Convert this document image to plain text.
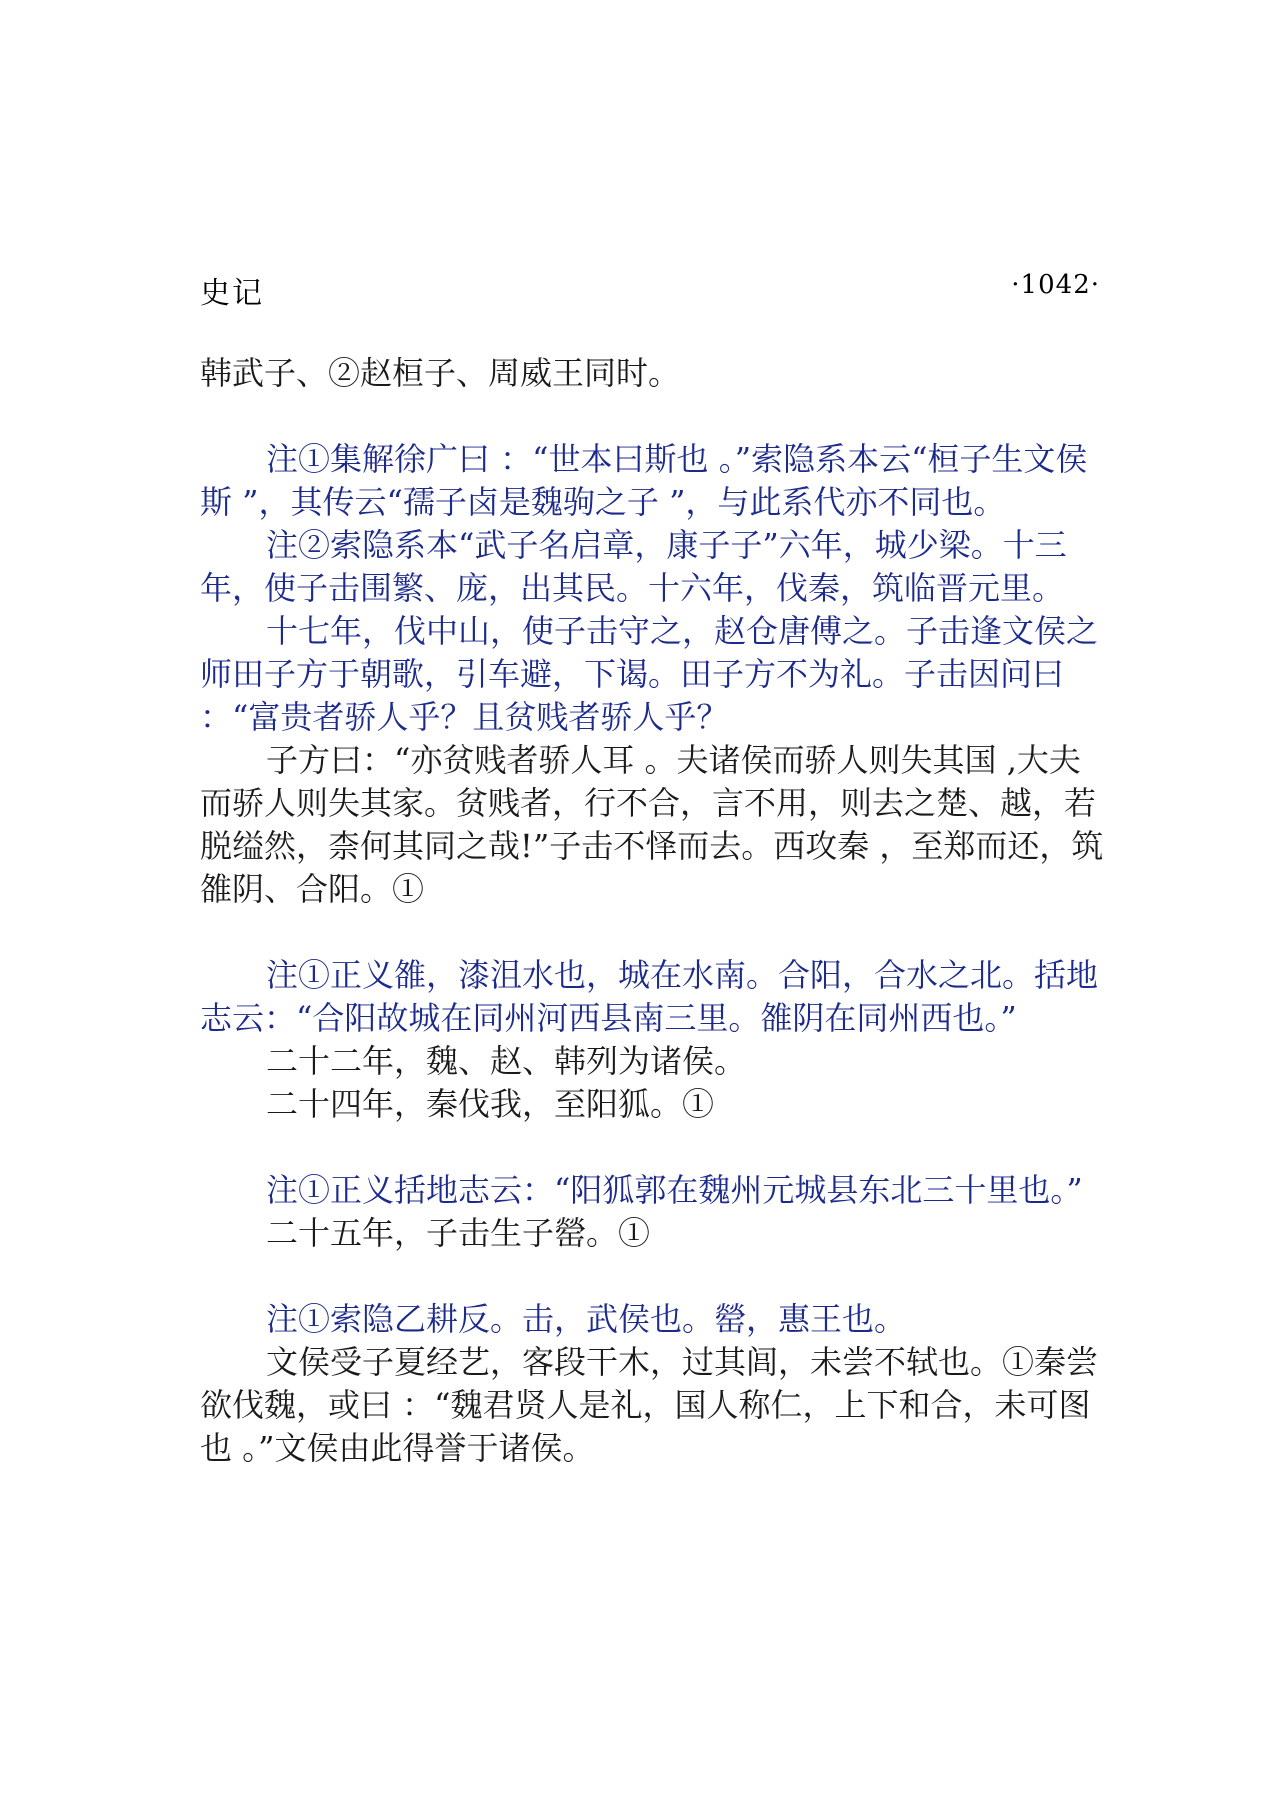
史记	·1042·

韩武子、②赵桓子、周威王同时。

注①集解徐广曰 ：“世本曰斯也 。”索隐系本云“桓子生文侯斯 ”，其传云“孺子卤是魏驹之子 ”，与此系代亦不同也。

注②索隐系本“武子名启章，康子子”六年，城少梁。十三年，使子击围繁、庞，出其民。十六年，伐秦，筑临晋元里。

十七年，伐中山，使子击守之，赵仓唐傅之。子击逢文侯之师田子方于朝歌，引车避，下谒。田子方不为礼。子击因问曰 ：“富贵者骄人乎？且贫贱者骄人乎？

子方曰：“亦贫贱者骄人耳 。夫诸侯而骄人则失其国 ,大夫而骄人则失其家。贫贱者，行不合，言不用，则去之楚、越，若脱缢然，柰何其同之哉!”子击不怿而去。西攻秦 ，至郑而还，筑雒阴、合阳。①

注①正义雒，漆沮水也，城在水南。合阳，合水之北。括地志云：“合阳故城在同州河西县南三里。雒阴在同州西也。”

二十二年，魏、赵、韩列为诸侯。

二十四年，秦伐我，至阳狐。①

注①正义括地志云：“阳狐郭在魏州元城县东北三十里也。”

二十五年，子击生子罃。①

注①索隐乙耕反。击，武侯也。罃，惠王也。

文侯受子夏经艺，客段干木，过其闾，未尝不轼也。①秦尝欲伐魏，或曰 ：“魏君贤人是礼，国人称仁，上下和合，未可图也 。”文侯由此得誉于诸侯。
